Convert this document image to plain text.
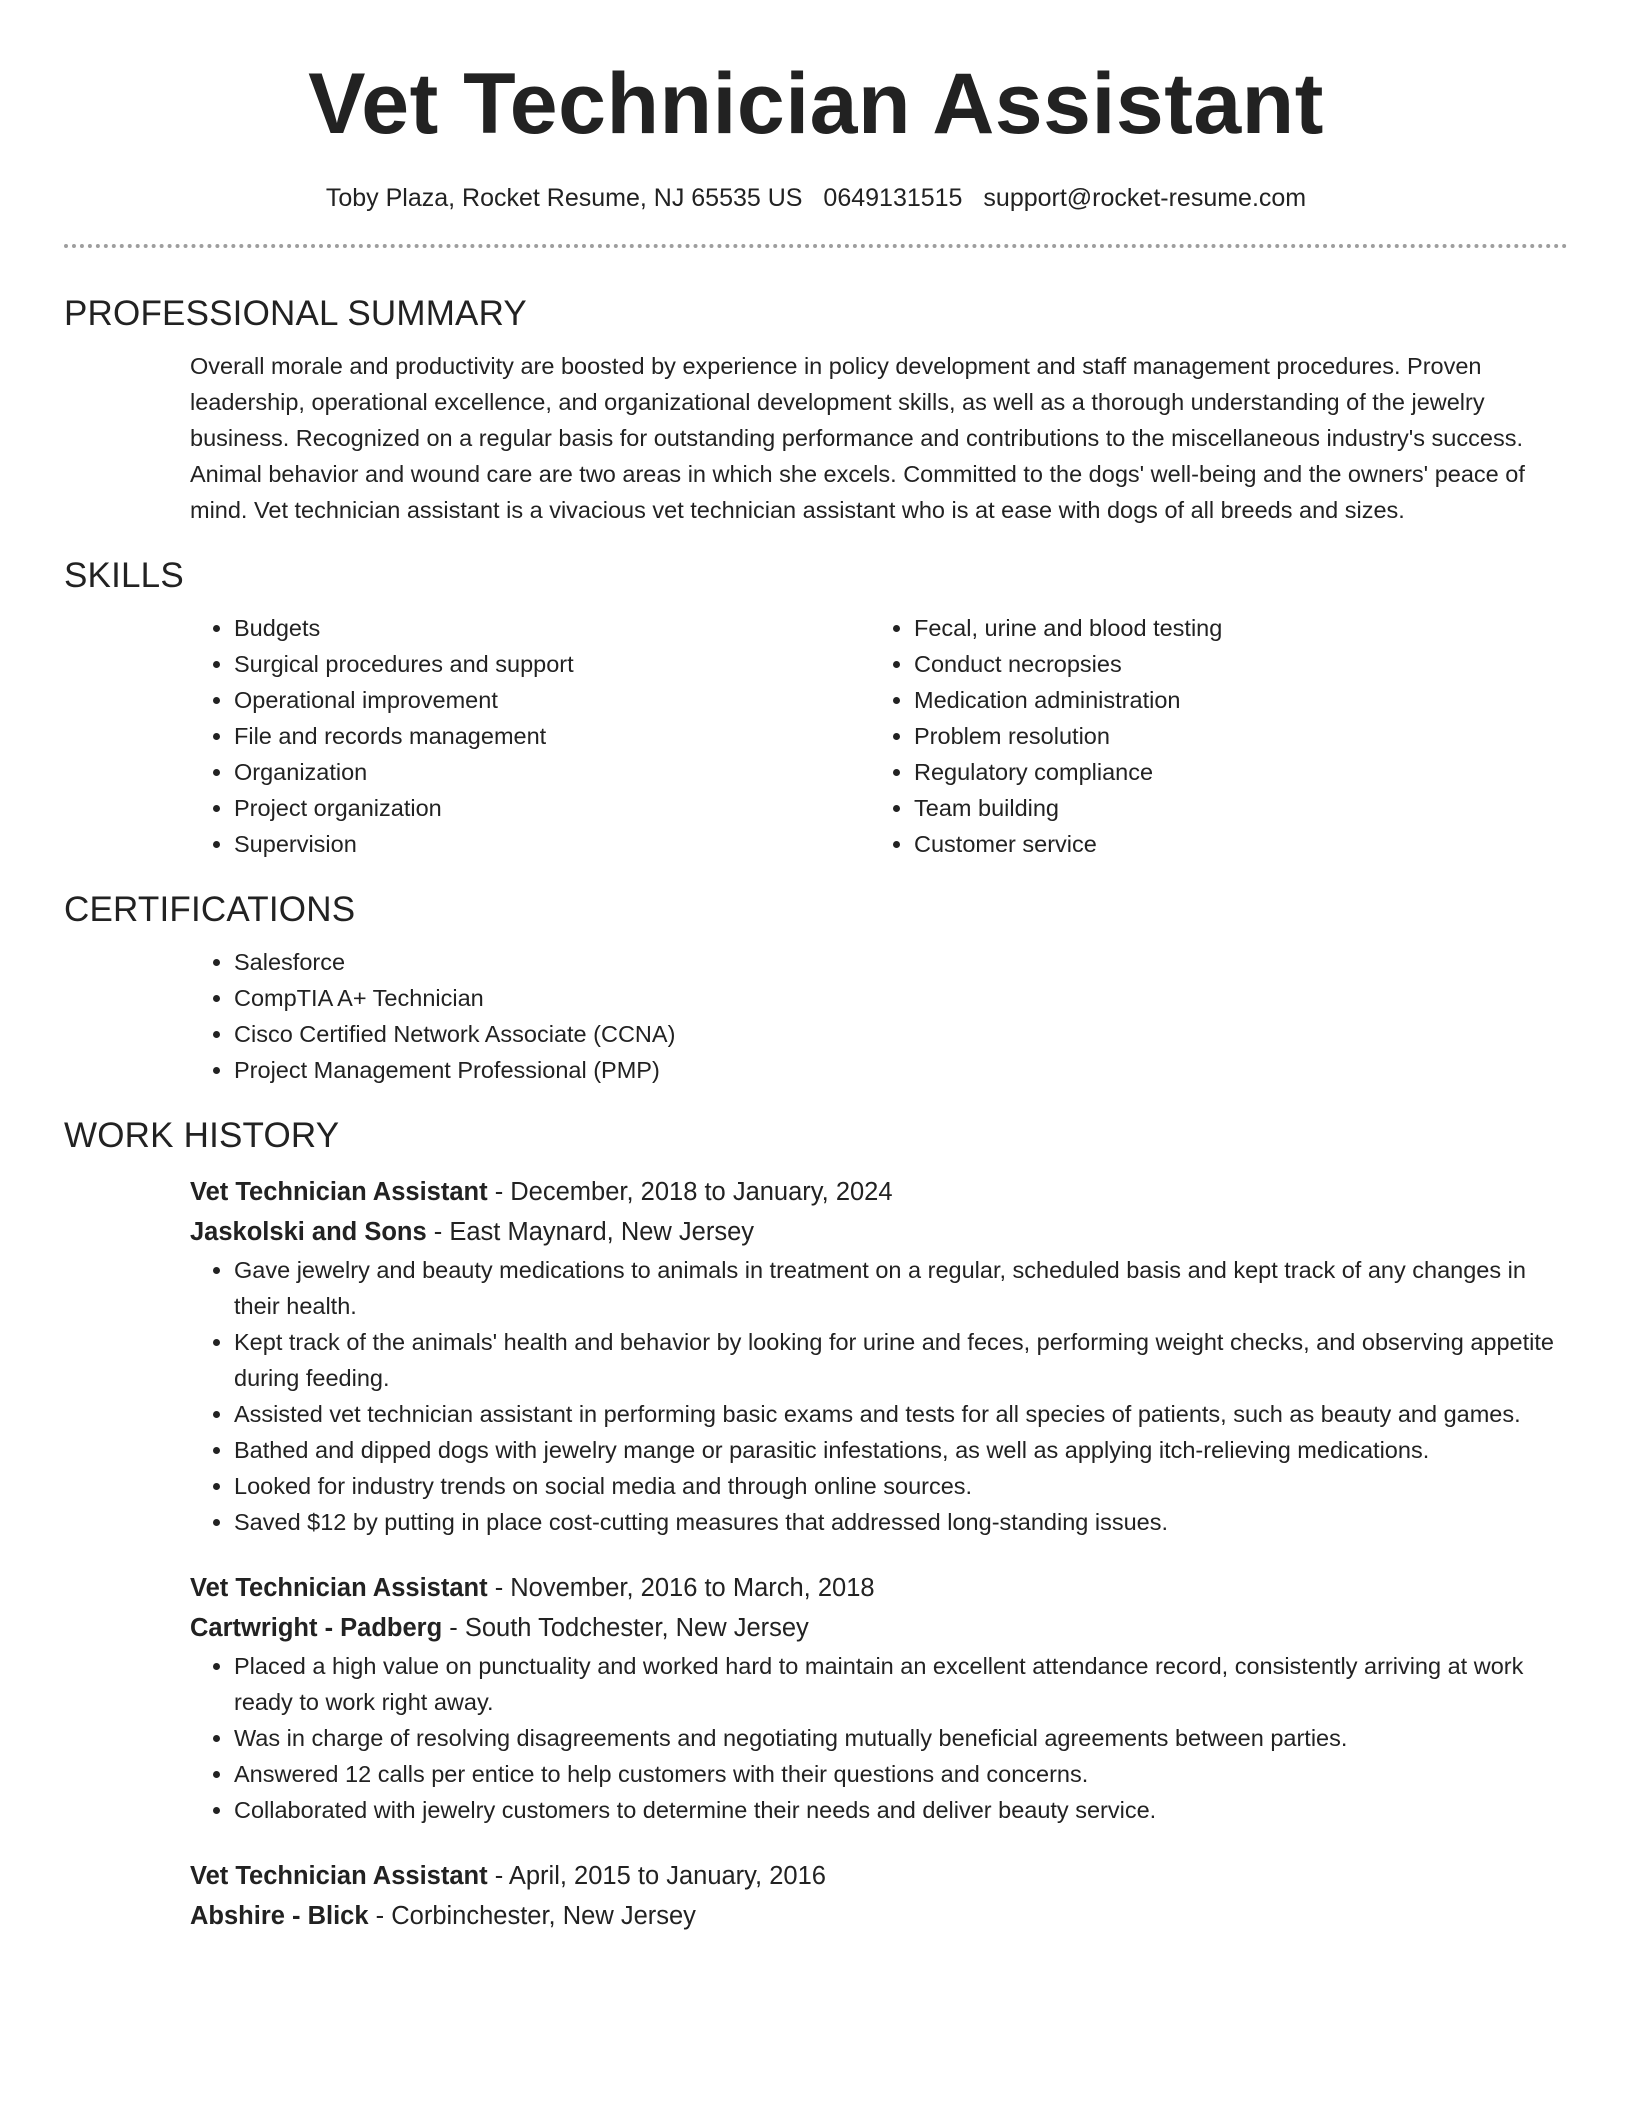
Vet Technician Assistant
Toby Plaza, Rocket Resume, NJ 65535 US 0649131515 support@rocket-resume.com
PROFESSIONAL SUMMARY

Overall morale and productivity are boosted by experience in policy development and staff management procedures. Proven leadership, operational excellence, and organizational development skills, as well as a thorough understanding of the jewelry business. Recognized on a regular basis for outstanding performance and contributions to the miscellaneous industry's success. Animal behavior and wound care are two areas in which she excels. Committed to the dogs' well-being and the owners' peace of mind. Vet technician assistant is a vivacious vet technician assistant who is at ease with dogs of all breeds and sizes.

SKILLS
• Budgets
• Surgical procedures and support
• Operational improvement
• File and records management
• Organization
• Project organization
• Supervision
• Fecal, urine and blood testing
• Conduct necropsies
• Medication administration
• Problem resolution
• Regulatory compliance
• Team building
• Customer service
CERTIFICATIONS
• Salesforce
• CompTIA A+ Technician
• Cisco Certified Network Associate (CCNA)
• Project Management Professional (PMP)
WORK HISTORY
Vet Technician Assistant - December, 2018 to January, 2024
Jaskolski and Sons - East Maynard, New Jersey
• Gave jewelry and beauty medications to animals in treatment on a regular, scheduled basis and kept track of any changes in their health.
• Kept track of the animals' health and behavior by looking for urine and feces, performing weight checks, and observing appetite during feeding.
• Assisted vet technician assistant in performing basic exams and tests for all species of patients, such as beauty and games.
• Bathed and dipped dogs with jewelry mange or parasitic infestations, as well as applying itch-relieving medications.
• Looked for industry trends on social media and through online sources.
• Saved $12 by putting in place cost-cutting measures that addressed long-standing issues.
Vet Technician Assistant - November, 2016 to March, 2018
Cartwright - Padberg - South Todchester, New Jersey
• Placed a high value on punctuality and worked hard to maintain an excellent attendance record, consistently arriving at work ready to work right away.
• Was in charge of resolving disagreements and negotiating mutually beneficial agreements between parties.
• Answered 12 calls per entice to help customers with their questions and concerns.
• Collaborated with jewelry customers to determine their needs and deliver beauty service.
Vet Technician Assistant - April, 2015 to January, 2016
Abshire - Blick - Corbinchester, New Jersey
